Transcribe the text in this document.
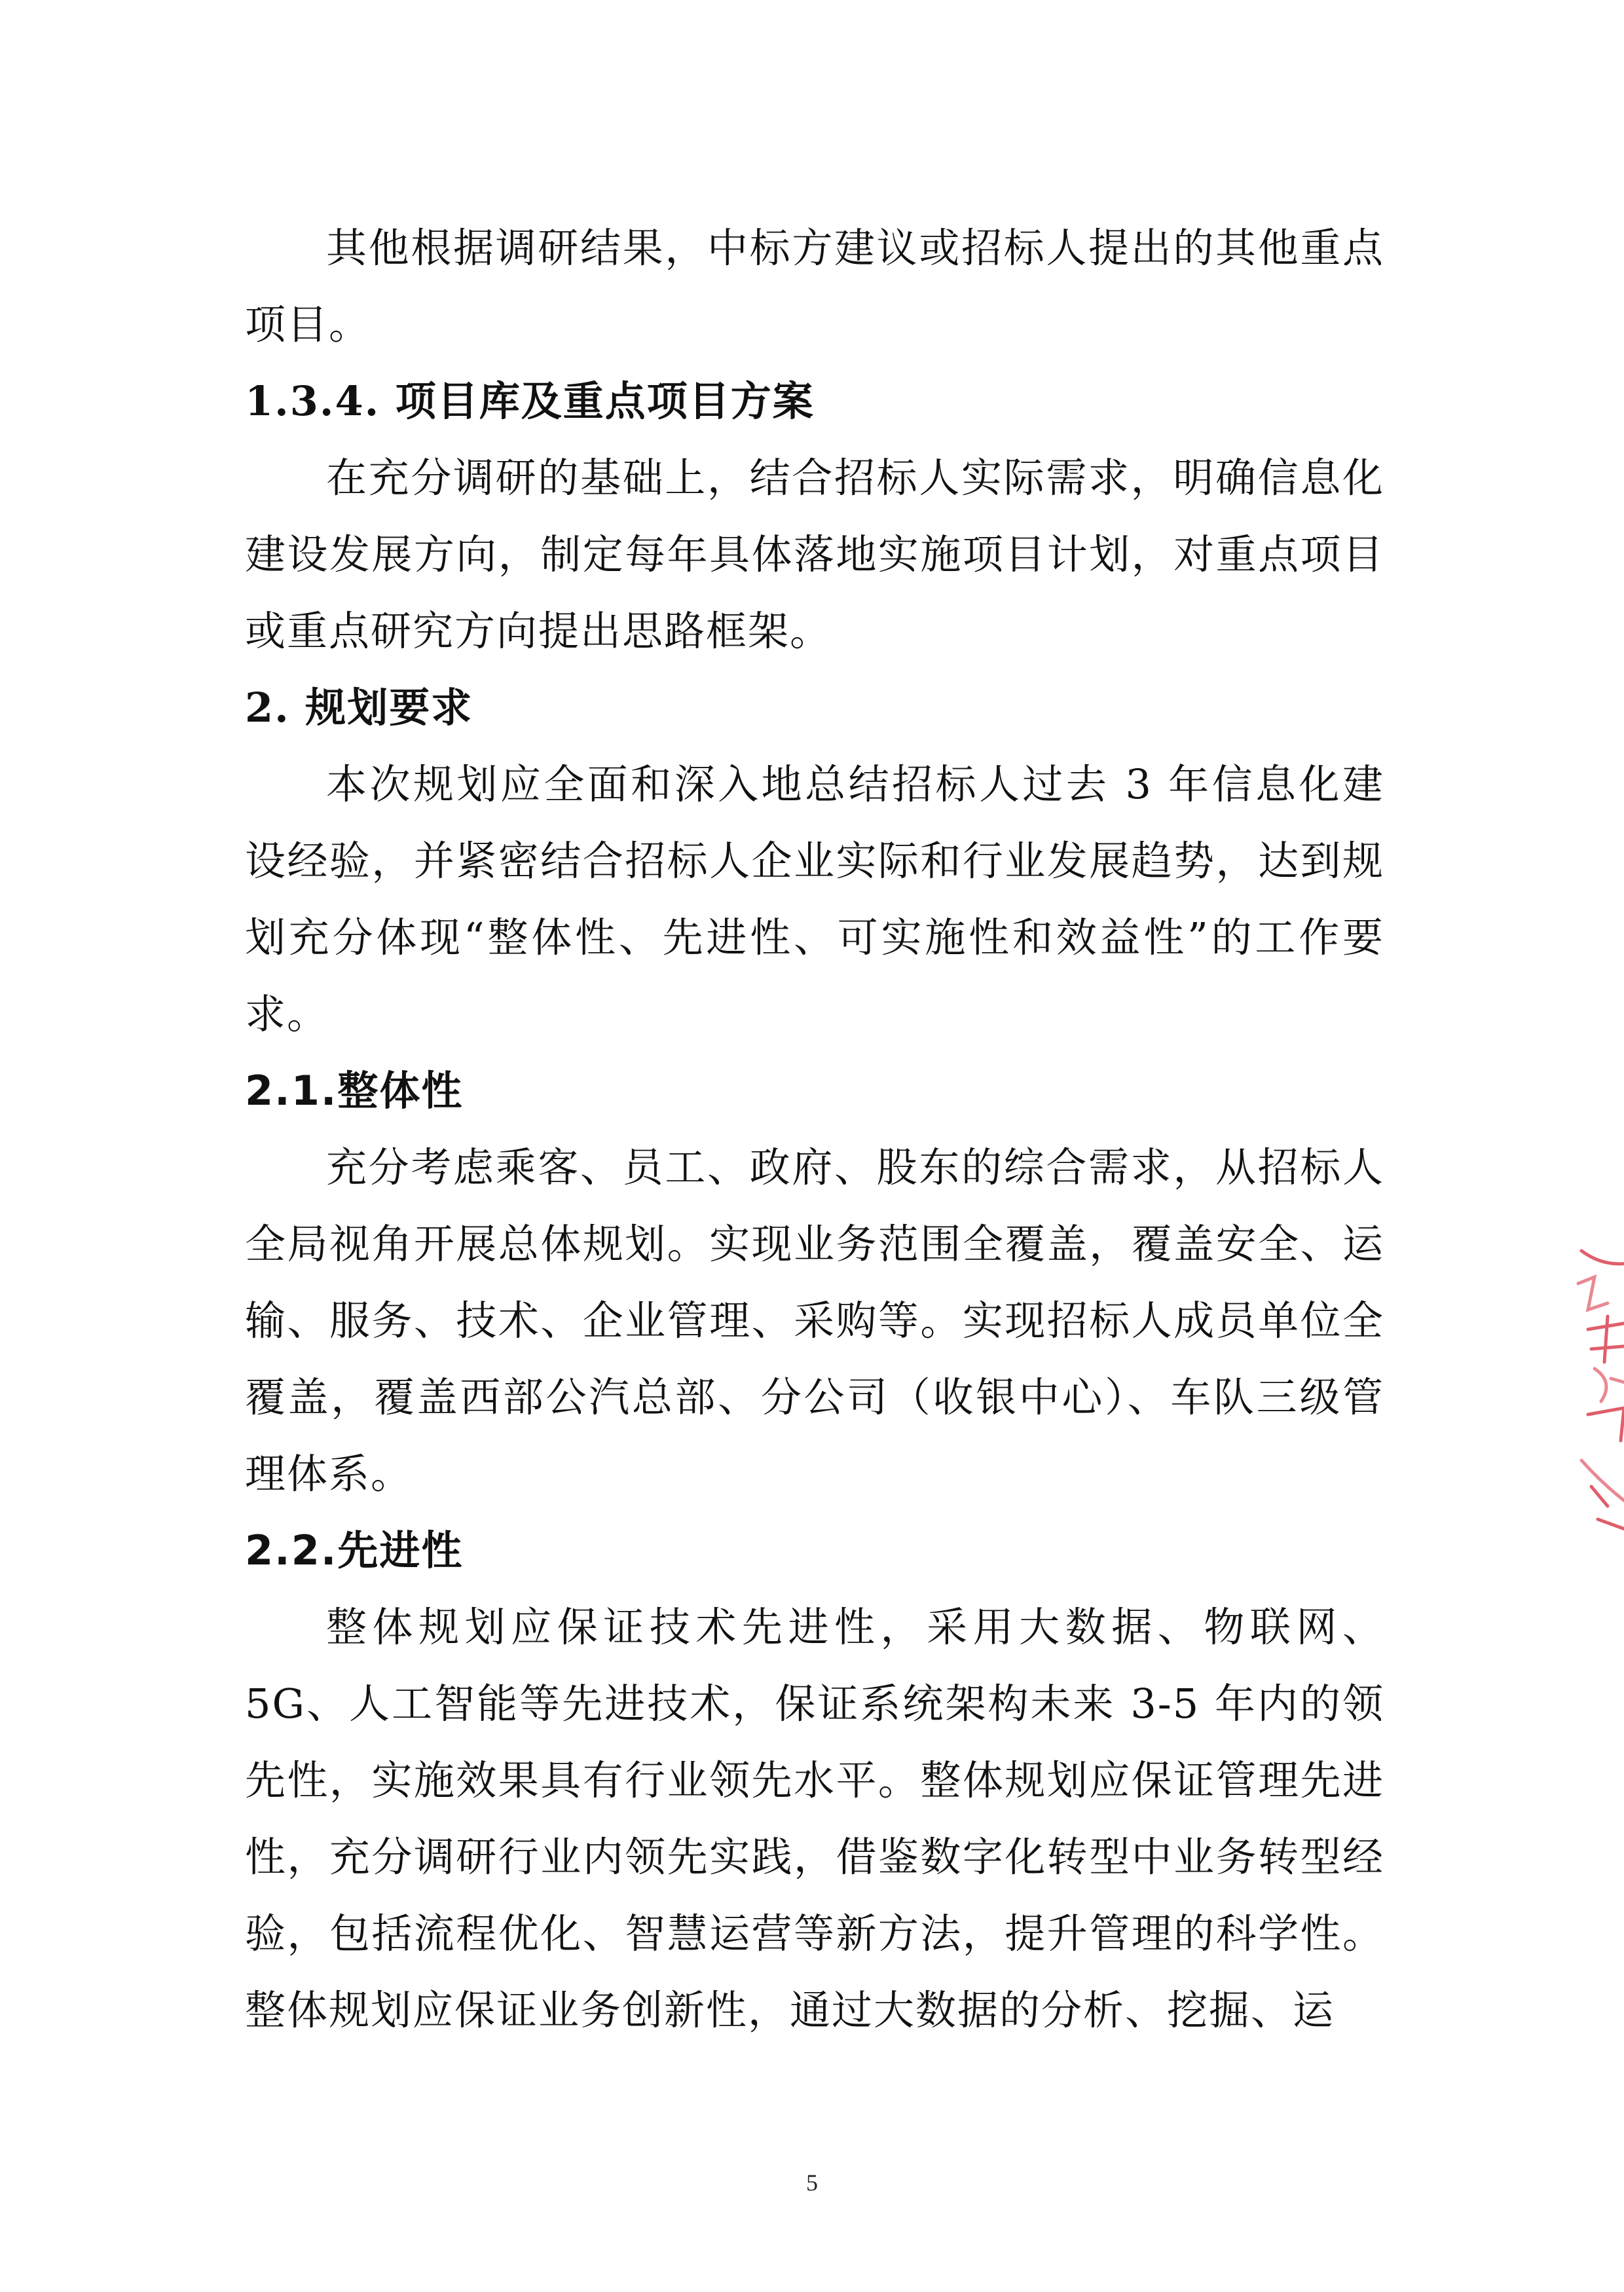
其他根据调研结果，中标方建议或招标人提出的其他重点项目。

1.3.4. 项目库及重点项目方案

在充分调研的基础上，结合招标人实际需求，明确信息化建设发展方向，制定每年具体落地实施项目计划，对重点项目或重点研究方向提出思路框架。

2. 规划要求

本次规划应全面和深入地总结招标人过去 3 年信息化建设经验，并紧密结合招标人企业实际和行业发展趋势，达到规划充分体现“整体性、先进性、可实施性和效益性”的工作要求。

2.1.整体性

充分考虑乘客、员工、政府、股东的综合需求，从招标人全局视角开展总体规划。实现业务范围全覆盖，覆盖安全、运输、服务、技术、企业管理、采购等。实现招标人成员单位全覆盖，覆盖西部公汽总部、分公司（收银中心）、车队三级管理体系。

2.2.先进性

整体规划应保证技术先进性，采用大数据、物联网、5G、人工智能等先进技术，保证系统架构未来 3-5 年内的领先性，实施效果具有行业领先水平。整体规划应保证管理先进性，充分调研行业内领先实践，借鉴数字化转型中业务转型经验，包括流程优化、智慧运营等新方法，提升管理的科学性。整体规划应保证业务创新性，通过大数据的分析、挖掘、运

5
